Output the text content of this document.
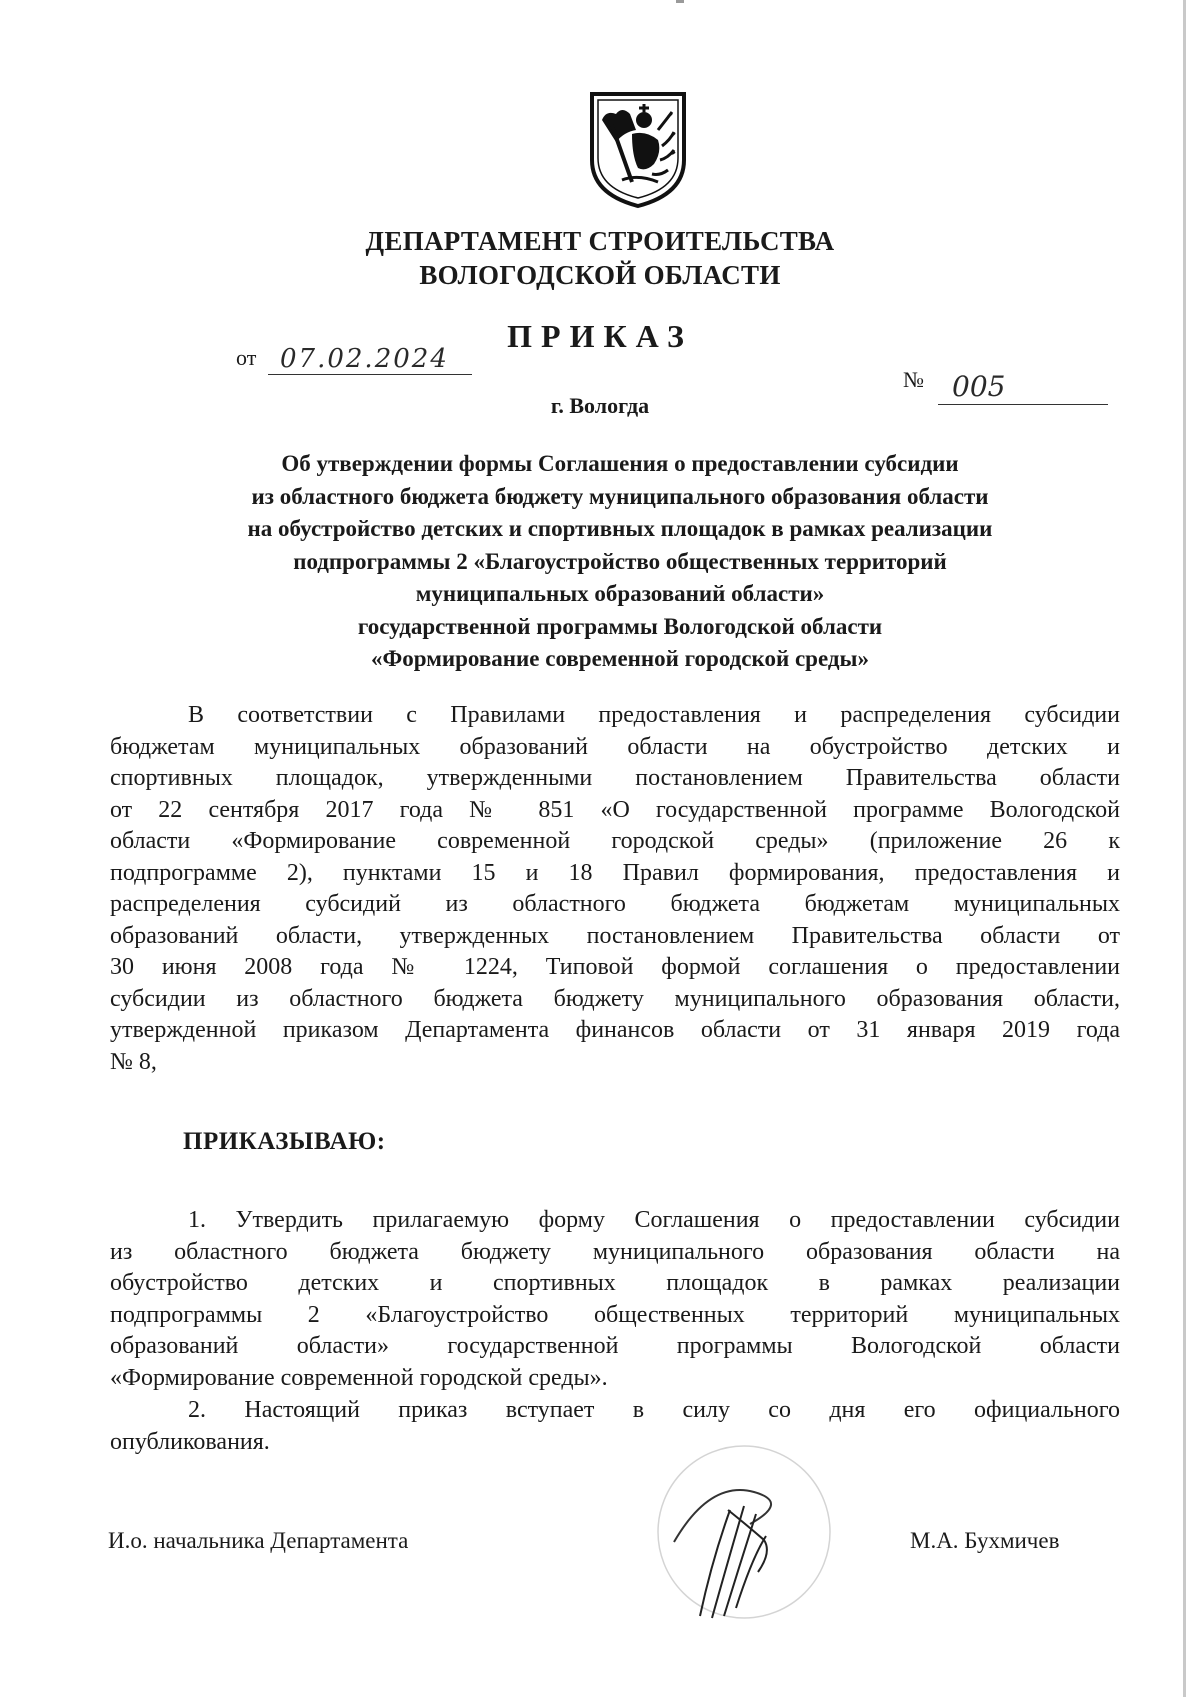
ДЕПАРТАМЕНТ СТРОИТЕЛЬСТВА
ВОЛОГОДСКОЙ ОБЛАСТИ
ПРИКАЗ
от 07.02.2024
№ 005
г. Вологда
Об утверждении формы Соглашения о предоставлении субсидии
из областного бюджета бюджету муниципального образования области
на обустройство детских и спортивных площадок в рамках реализации
подпрограммы 2 «Благоустройство общественных территорий
муниципальных образований области»
государственной программы Вологодской области
«Формирование современной городской среды»
В соответствии с Правилами предоставления и распределения субсидии
бюджетам муниципальных образований области на обустройство детских и
спортивных площадок, утвержденными постановлением Правительства области
от 22 сентября 2017 года № 851 «О государственной программе Вологодской
области «Формирование современной городской среды» (приложение 26 к
подпрограмме 2), пунктами 15 и 18 Правил формирования, предоставления и
распределения субсидий из областного бюджета бюджетам муниципальных
образований области, утвержденных постановлением Правительства области от
30 июня 2008 года № 1224, Типовой формой соглашения о предоставлении
субсидии из областного бюджета бюджету муниципального образования области,
утвержденной приказом Департамента финансов области от 31 января 2019 года
№ 8,
ПРИКАЗЫВАЮ:
1. Утвердить прилагаемую форму Соглашения о предоставлении субсидии
из областного бюджета бюджету муниципального образования области на
обустройство детских и спортивных площадок в рамках реализации
подпрограммы 2 «Благоустройство общественных территорий муниципальных
образований области» государственной программы Вологодской области
«Формирование современной городской среды».
2. Настоящий приказ вступает в силу со дня его официального
опубликования.
И.о. начальника Департамента	М.А. Бухмичев
